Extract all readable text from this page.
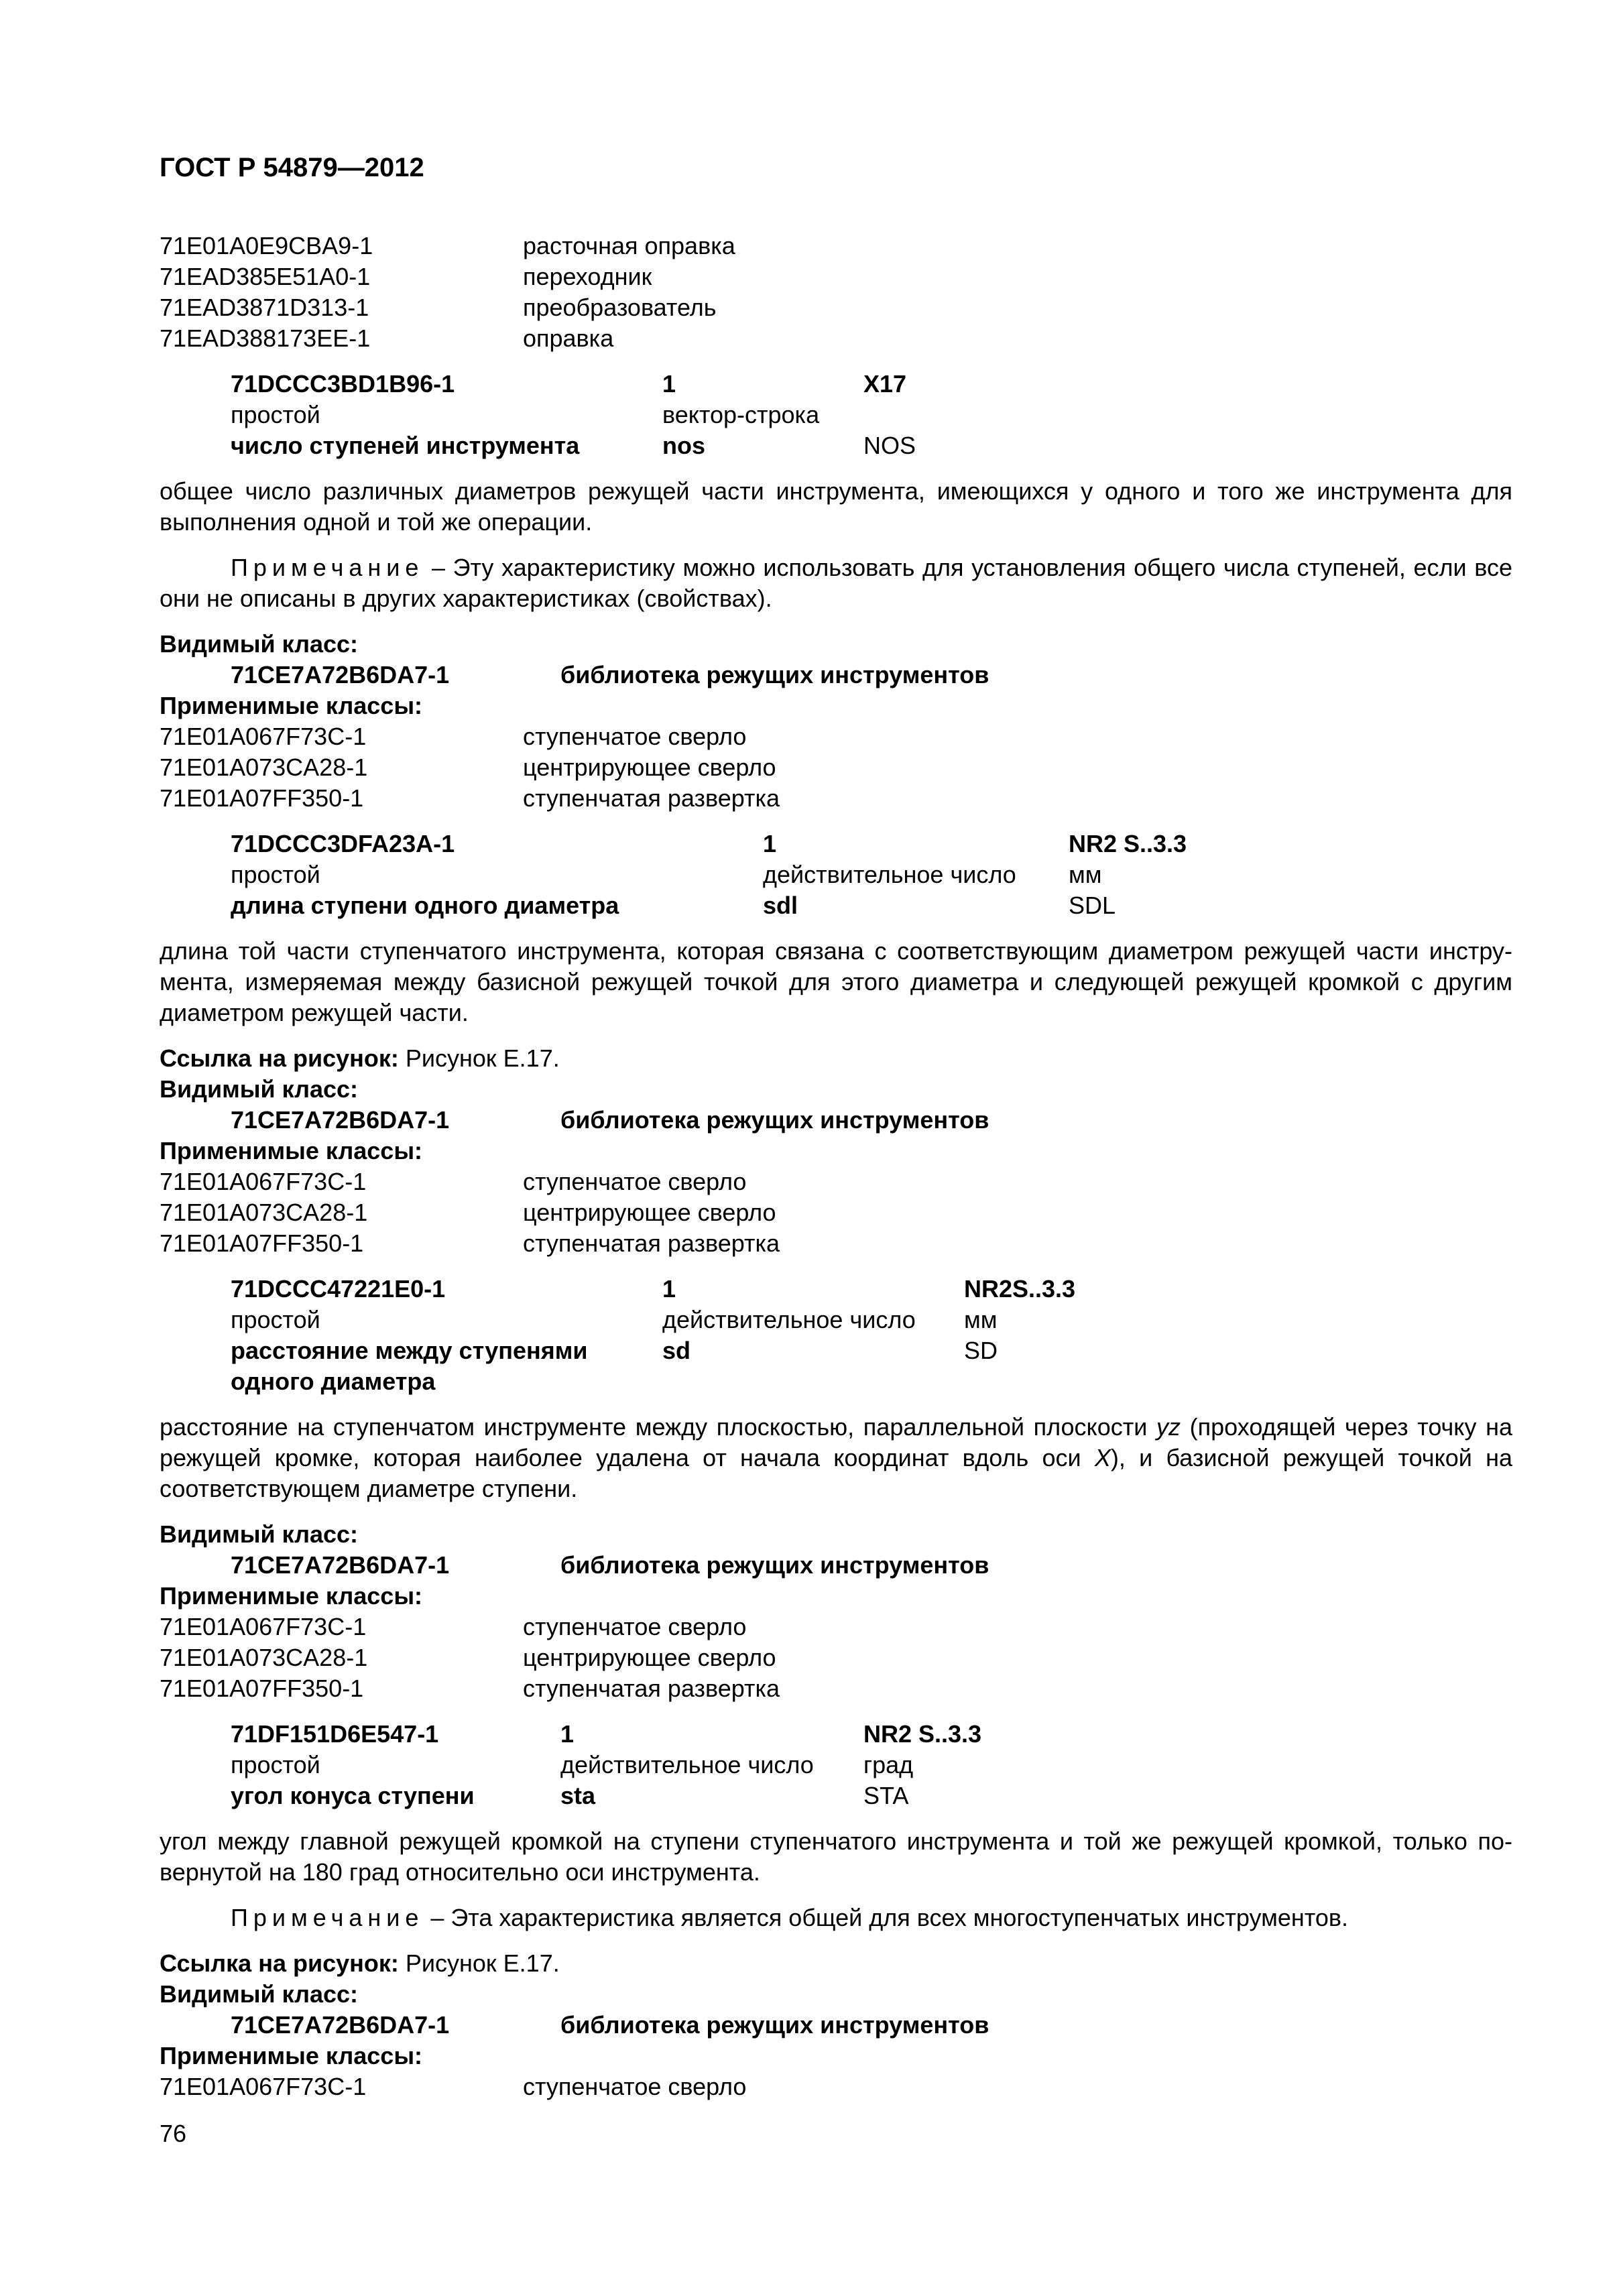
ГОСТ Р 54879—2012
71E01A0E9CBA9-1	расточная оправка
71EAD385E51A0-1	переходник
71EAD3871D313-1	преобразователь
71EAD388173EE-1	оправка
71DCCC3BD1B96-1	1	X17
простой	вектор-строка
число ступеней инструмента	nos	NOS
общее число различных диаметров режущей части инструмента, имеющихся у одного и того же инструмента для выполнения одной и той же операции.
Примечание – Эту характеристику можно использовать для установления общего числа ступеней, если все они не описаны в других характеристиках (свойствах).
Видимый класс:
71CE7A72B6DA7-1	библиотека режущих инструментов
Применимые классы:
71E01A067F73C-1	ступенчатое сверло
71E01A073CA28-1	центрирующее сверло
71E01A07FF350-1	ступенчатая развертка
71DCCC3DFA23A-1	1	NR2 S..3.3
простой	действительное число мм
длина ступени одного диаметра	sdl	SDL
длина той части ступенчатого инструмента, которая связана с соответствующим диаметром режущей части инстру-мента, измеряемая между базисной режущей точкой для этого диаметра и следующей режущей кромкой с другим диаметром режущей части.
Ссылка на рисунок: Рисунок Е.17.
Видимый класс:
71CE7A72B6DA7-1	библиотека режущих инструментов
Применимые классы:
71E01A067F73C-1	ступенчатое сверло
71E01A073CA28-1	центрирующее сверло
71E01A07FF350-1	ступенчатая развертка
71DCCC47221E0-1	1	NR2S..3.3
простой	действительное число мм
расстояние между ступенями	sd	SD
одного диаметра
расстояние на ступенчатом инструменте между плоскостью, параллельной плоскости yz (проходящей через точку на режущей кромке, которая наиболее удалена от начала координат вдоль оси X), и базисной режущей точкой на соответствующем диаметре ступени.
Видимый класс:
71CE7A72B6DA7-1	библиотека режущих инструментов
Применимые классы:
71E01A067F73C-1	ступенчатое сверло
71E01A073CA28-1	центрирующее сверло
71E01A07FF350-1	ступенчатая развертка
71DF151D6E547-1	1	NR2 S..3.3
простой	действительное число град
угол конуса ступени	sta	STA
угол между главной режущей кромкой на ступени ступенчатого инструмента и той же режущей кромкой, только по-вернутой на 180 град относительно оси инструмента.
Примечание – Эта характеристика является общей для всех многоступенчатых инструментов.
Ссылка на рисунок: Рисунок Е.17.
Видимый класс:
71CE7A72B6DA7-1	библиотека режущих инструментов
Применимые классы:
71E01A067F73C-1	ступенчатое сверло
76
